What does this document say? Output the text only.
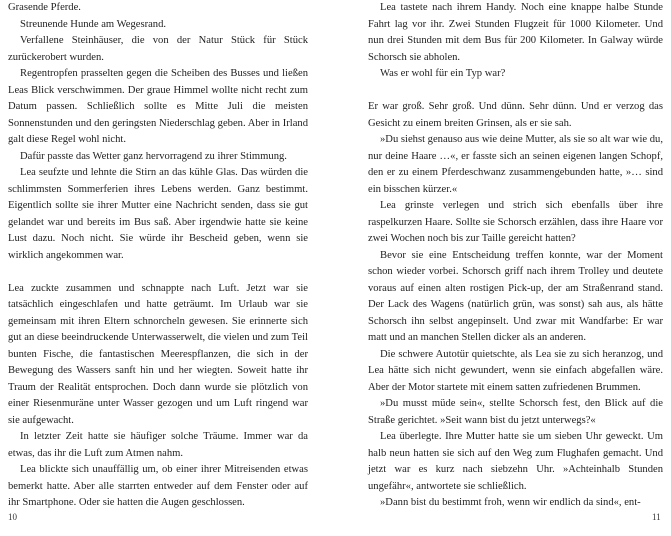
Grasende Pferde.

Streunende Hunde am Wegesrand.

Verfallene Steinhäuser, die von der Natur Stück für Stück zurückerobert wurden.

Regentropfen prasselten gegen die Scheiben des Busses und ließen Leas Blick verschwimmen. Der graue Himmel wollte nicht recht zum Datum passen. Schließlich sollte es Mitte Juli die meisten Sonnenstunden und den geringsten Niederschlag geben. Aber in Irland galt diese Regel wohl nicht.

Dafür passte das Wetter ganz hervorragend zu ihrer Stimmung.

Lea seufzte und lehnte die Stirn an das kühle Glas. Das würden die schlimmsten Sommerferien ihres Lebens werden. Ganz bestimmt. Eigentlich sollte sie ihrer Mutter eine Nachricht senden, dass sie gut gelandet war und bereits im Bus saß. Aber irgendwie hatte sie keine Lust dazu. Noch nicht. Sie würde ihr Bescheid geben, wenn sie wirklich angekommen war.

Lea zuckte zusammen und schnappte nach Luft. Jetzt war sie tatsächlich eingeschlafen und hatte geträumt. Im Urlaub war sie gemeinsam mit ihren Eltern schnorcheln gewesen. Sie erinnerte sich gut an diese beeindruckende Unterwasserwelt, die vielen und zum Teil bunten Fische, die fantastischen Meerespflanzen, die sich in der Bewegung des Wassers sanft hin und her wiegten. Soweit hatte ihr Traum der Realität entsprochen. Doch dann wurde sie plötzlich von einer Riesenmuräne unter Wasser gezogen und um Luft ringend war sie aufgewacht.

In letzter Zeit hatte sie häufiger solche Träume. Immer war da etwas, das ihr die Luft zum Atmen nahm.

Lea blickte sich unauffällig um, ob einer ihrer Mitreisenden etwas bemerkt hatte. Aber alle starrten entweder auf dem Fenster oder auf ihr Smartphone. Oder sie hatten die Augen geschlossen.

Lea tastete nach ihrem Handy. Noch eine knappe halbe Stunde Fahrt lag vor ihr. Zwei Stunden Flugzeit für 1000 Kilometer. Und nun drei Stunden mit dem Bus für 200 Kilometer. In Galway würde Schorsch sie abholen.

Was er wohl für ein Typ war?

Er war groß. Sehr groß. Und dünn. Sehr dünn. Und er verzog das Gesicht zu einem breiten Grinsen, als er sie sah.

»Du siehst genauso aus wie deine Mutter, als sie so alt war wie du, nur deine Haare …«, er fasste sich an seinen eigenen langen Schopf, den er zu einem Pferdeschwanz zusammengebunden hatte, »… sind ein bisschen kürzer.«

Lea grinste verlegen und strich sich ebenfalls über ihre raspelkurzen Haare. Sollte sie Schorsch erzählen, dass ihre Haare vor zwei Wochen noch bis zur Taille gereicht hatten?

Bevor sie eine Entscheidung treffen konnte, war der Moment schon wieder vorbei. Schorsch griff nach ihrem Trolley und deutete voraus auf einen alten rostigen Pick-up, der am Straßenrand stand. Der Lack des Wagens (natürlich grün, was sonst) sah aus, als hätte Schorsch ihn selbst angepinselt. Und zwar mit Wandfarbe: Er war matt und an manchen Stellen dicker als an anderen.

Die schwere Autotür quietschte, als Lea sie zu sich heranzog, und Lea hätte sich nicht gewundert, wenn sie einfach abgefallen wäre. Aber der Motor startete mit einem satten zufriedenen Brummen.

»Du musst müde sein«, stellte Schorsch fest, den Blick auf die Straße gerichtet. »Seit wann bist du jetzt unterwegs?«

Lea überlegte. Ihre Mutter hatte sie um sieben Uhr geweckt. Um halb neun hatten sie sich auf den Weg zum Flughafen gemacht. Und jetzt war es kurz nach siebzehn Uhr. »Achteinhalb Stunden ungefähr«, antwortete sie schließlich.

»Dann bist du bestimmt froh, wenn wir endlich da sind«, ent-

10	11
